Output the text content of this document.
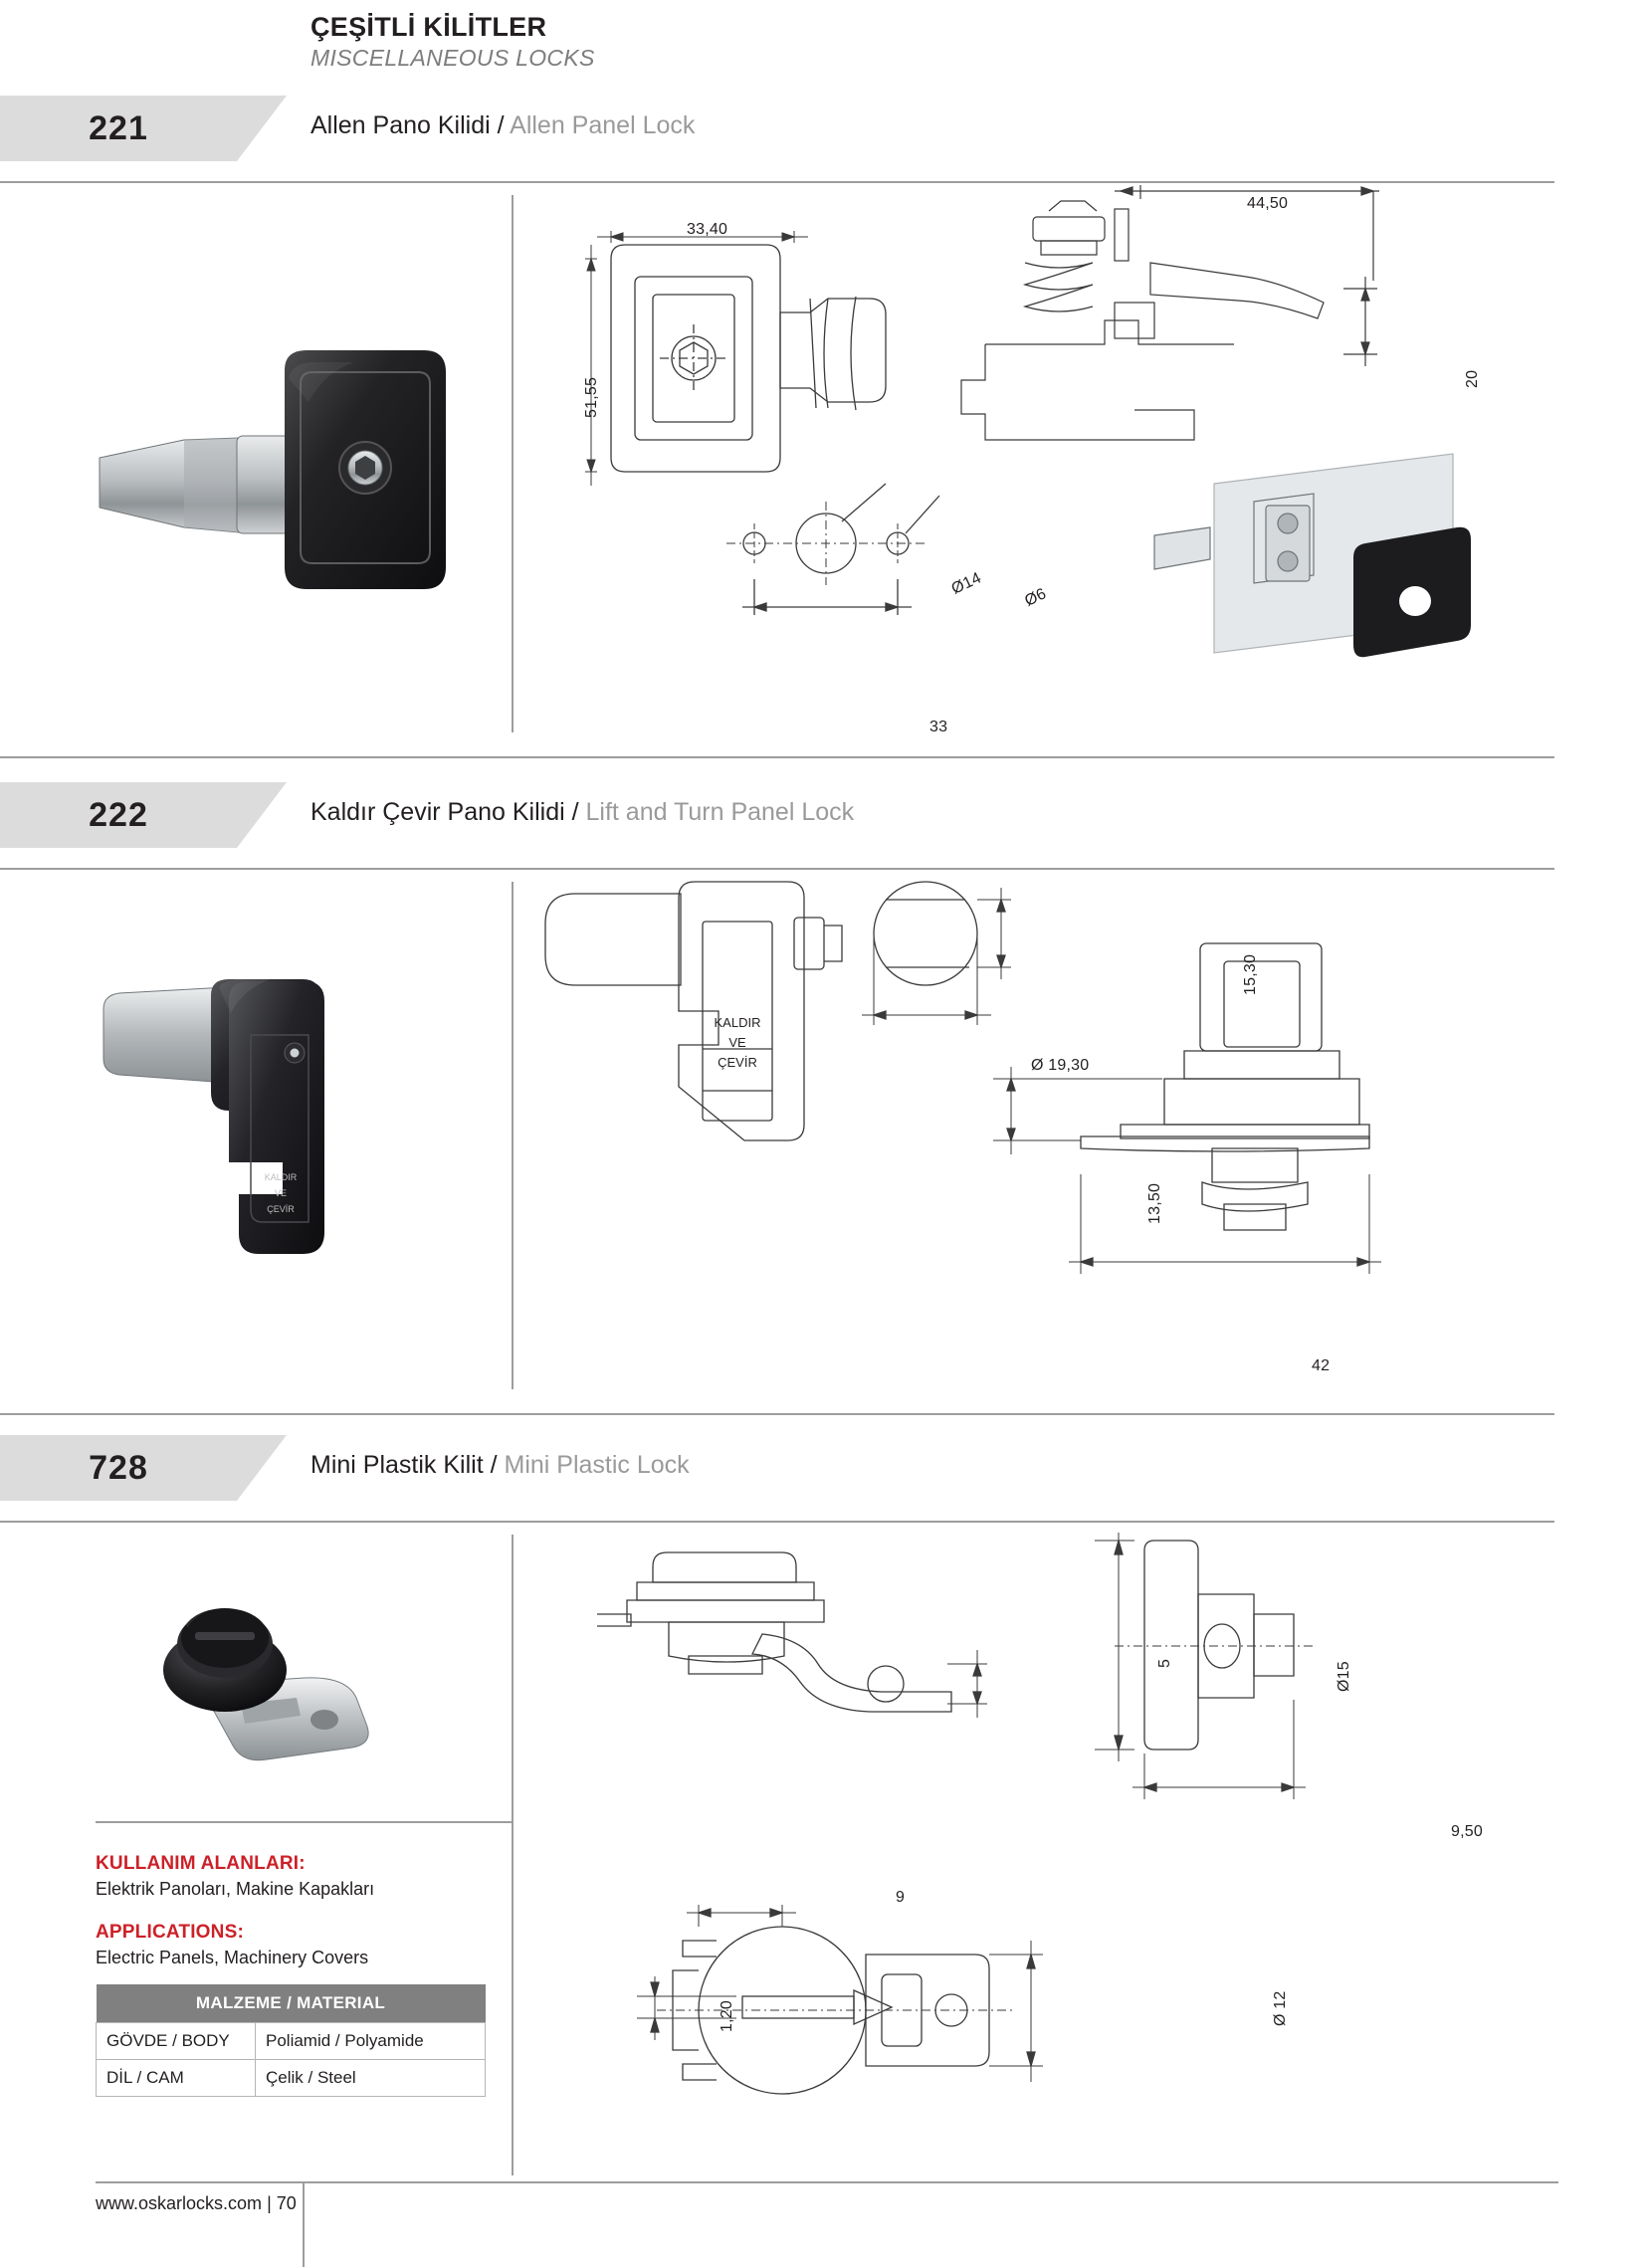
ÇEŞİTLİ KİLİTLER
MISCELLANEOUS LOCKS
221	Allen Pano Kilidi / Allen Panel Lock
44,50
33,40
51,55	20
Ø14 Ø6
33
222	Kaldır Çevir Pano Kilidi / Lift and Turn Panel Lock
KALDIR
VE
ÇEVİR
KALDIR
VE
ÇEVİR
15,30
Ø 19,30
13,50
42
728	Mini Plastik Kilit / Mini Plastic Lock
5	Ø15
9,50
9
1,20	Ø 12
KULLANIM ALANLARI:

Elektrik Panoları, Makine Kapakları

APPLICATIONS:

Electric Panels, Machinery Covers

MALZEME / MATERIAL	
GÖVDE / BODY	Poliamid / Polyamide
DİL / CAM	Çelik / Steel
www.oskarlocks.com | 70
